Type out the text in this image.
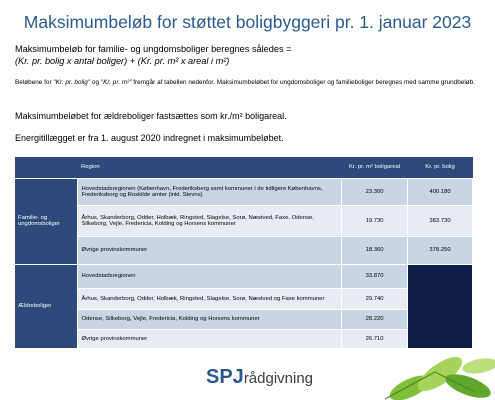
Maksimumbeløb for støttet boligbyggeri pr. 1. januar 2023
Maksimumbeløb for familie- og ungdomsboliger beregnes således =
(Kr. pr. bolig x antal boliger) + (Kr. pr. m² x areal i m²)
Beløbene for "Kr. pr. bolig" og "Kr. pr. m²" fremgår af tabellen nedenfor. Maksimumbeløbet for ungdomsboliger og familieboliger beregnes med samme grundbeløb.
Maksimumbeløbet for ældreboliger fastsættes som kr./m² boligareal.
Energitillægget er fra 1. august 2020 indregnet i maksimumbeløbet.
	Region	Kr. pr. m² boligareal	Kr. pr. bolig
Familie- og ungdomsboliger	Hovedstadsregionen (København, Frederiksberg samt kommuner i de tidligere Københavns, Frederiksborg og Roskilde amter (inkl. Stevns)	23.300	400.180
	Århus, Skanderborg, Odder, Holbæk, Ringsted, Slagelse, Sorø, Næstved, Faxe, Odense, Silkeborg, Vejle, Fredericia, Kolding og Horsens kommuner	19.730	383.730
	Øvrige provinskommuner	18.360	378.250
Ældreboliger	Hovedstadsregionen	33.870	
	Århus, Skanderborg, Odder, Holbæk, Ringsted, Slagelse, Sorø, Næstved og Faxe kommuner	29.740	
	Odense, Silkeborg, Vejle, Fredericia, Kolding og Horsens kommuner	28.220	
	Øvrige provinskommuner	26.710	
SPJrådgivning
